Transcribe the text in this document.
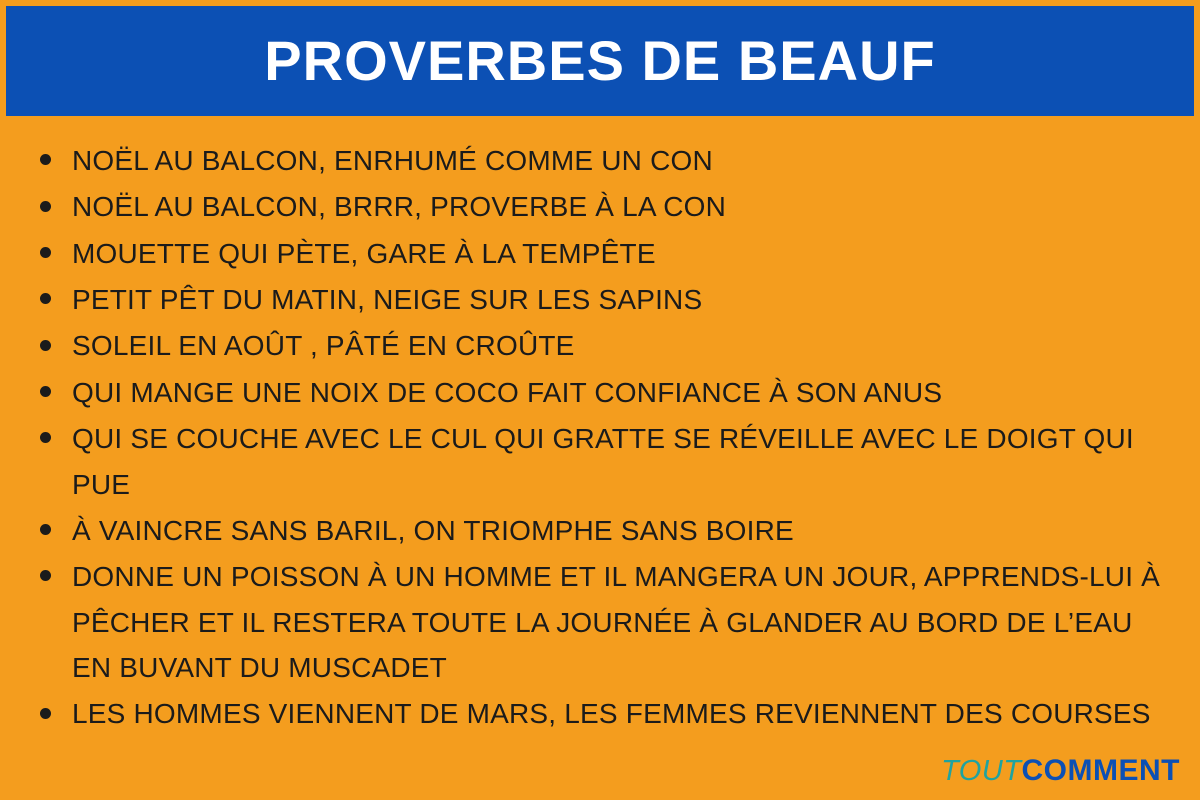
PROVERBES DE BEAUF
NOËL AU BALCON, ENRHUMÉ COMME UN CON
NOËL AU BALCON, BRRR, PROVERBE À LA CON
MOUETTE QUI PÈTE, GARE À LA TEMPÊTE
PETIT PÊT DU MATIN, NEIGE SUR LES SAPINS
SOLEIL EN AOÛT , PÂTÉ EN CROÛTE
QUI MANGE UNE NOIX DE COCO FAIT CONFIANCE À SON ANUS
QUI SE COUCHE AVEC LE CUL QUI GRATTE SE RÉVEILLE AVEC LE DOIGT QUI PUE
À VAINCRE SANS BARIL, ON TRIOMPHE SANS BOIRE
DONNE UN POISSON À UN HOMME ET IL MANGERA UN JOUR, APPRENDS-LUI À PÊCHER ET IL RESTERA TOUTE LA JOURNÉE À GLANDER AU BORD DE L’EAU EN BUVANT DU MUSCADET
LES HOMMES VIENNENT DE MARS, LES FEMMES REVIENNENT DES COURSES
TOUT COMMENT
